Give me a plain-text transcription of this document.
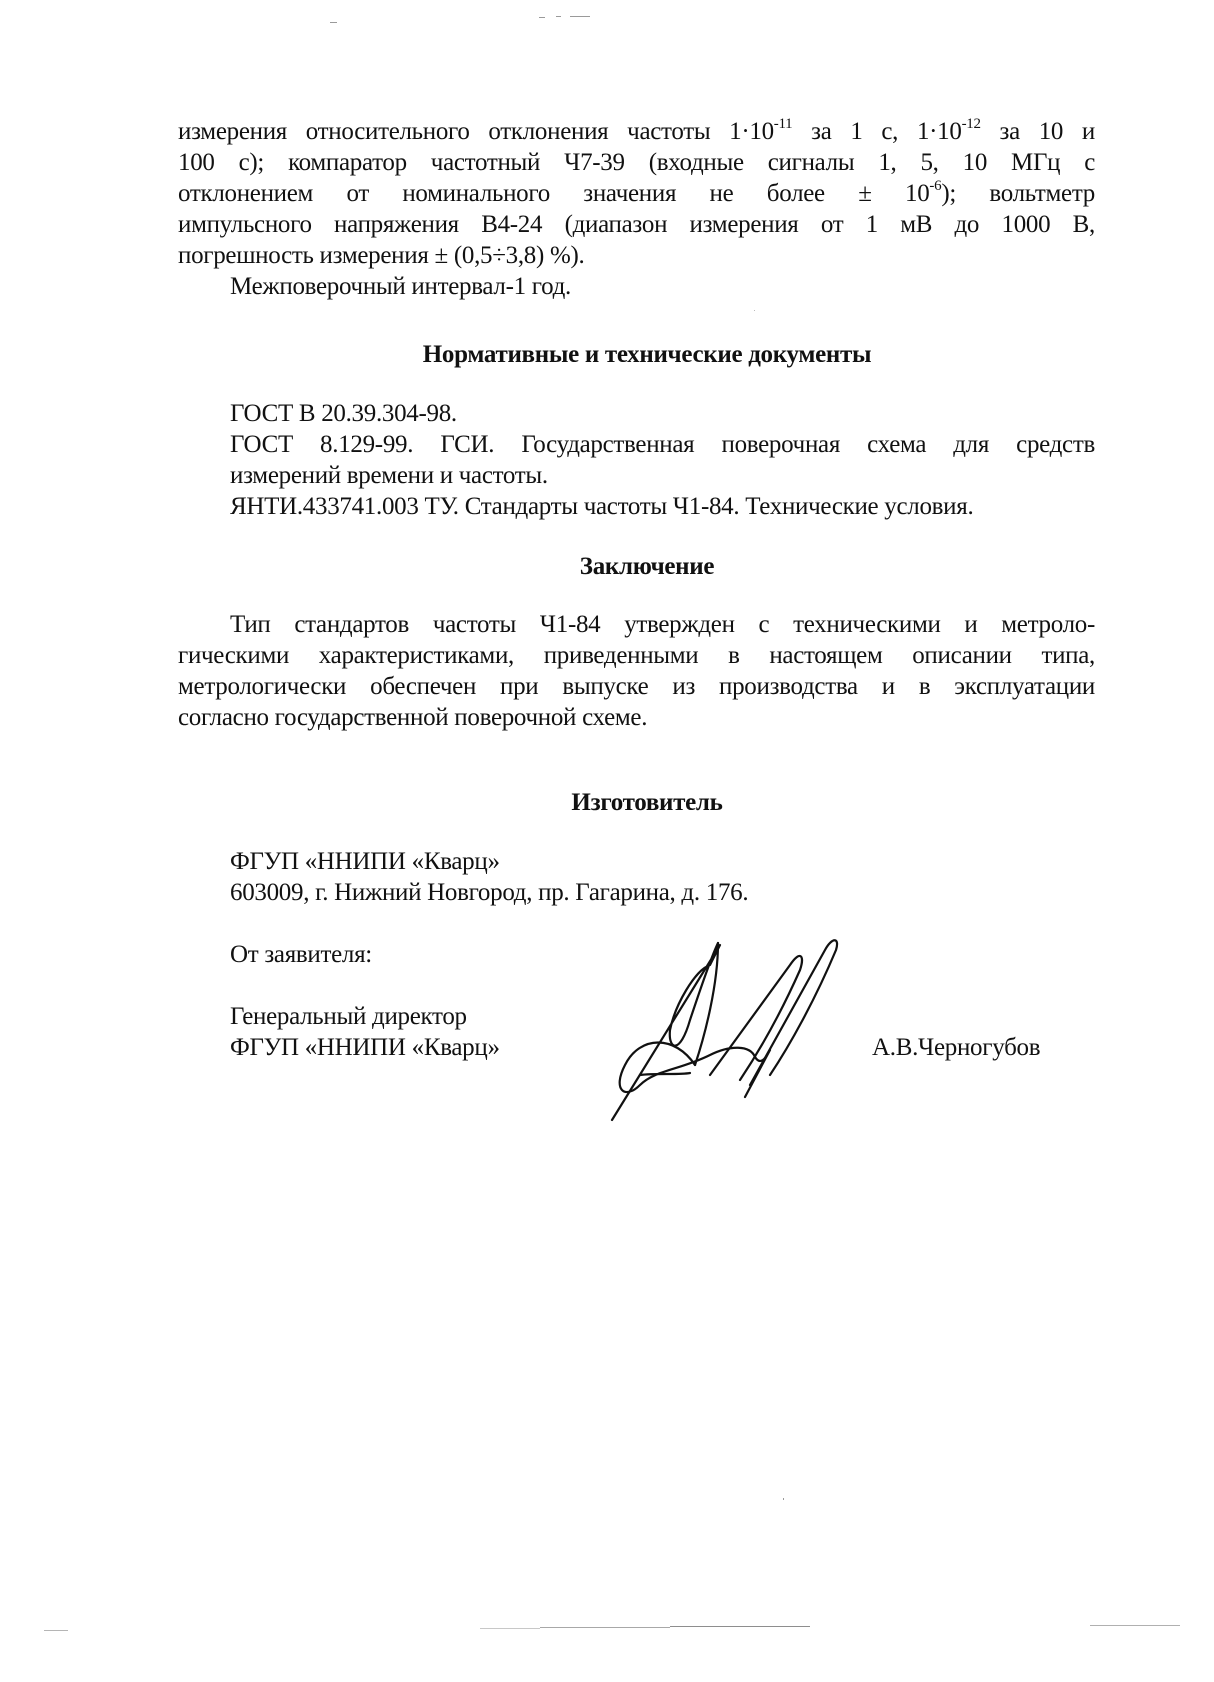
измерения относительного отклонения частоты $1\cdot 10^{-11}$ за 1 с, $1\cdot 10^{-12}$ за 10 и
100 с); компаратор частотный Ч7-39 (входные сигналы 1, 5, 10 МГц с
отклонением от номинального значения не более ± $10^{-6}$); вольтметр
импульсного напряжения В4-24 (диапазон измерения от 1 мВ до 1000 В,
погрешность измерения ± (0,5÷3,8) %).
Межповерочный интервал-1 год.
Нормативные и технические документы
ГОСТ В 20.39.304-98.
ГОСТ 8.129-99. ГСИ. Государственная поверочная схема для средств
измерений времени и частоты.
ЯНТИ.433741.003 ТУ. Стандарты частоты Ч1-84. Технические условия.
Заключение
Тип стандартов частоты Ч1-84 утвержден с техническими и метроло-
гическими характеристиками, приведенными в настоящем описании типа,
метрологически обеспечен при выпуске из производства и в эксплуатации
согласно государственной поверочной схеме.
Изготовитель
ФГУП «ННИПИ «Кварц»
603009, г. Нижний Новгород, пр. Гагарина, д. 176.
От заявителя:
Генеральный директор
ФГУП «ННИПИ «Кварц»	А.В.Черногубов
